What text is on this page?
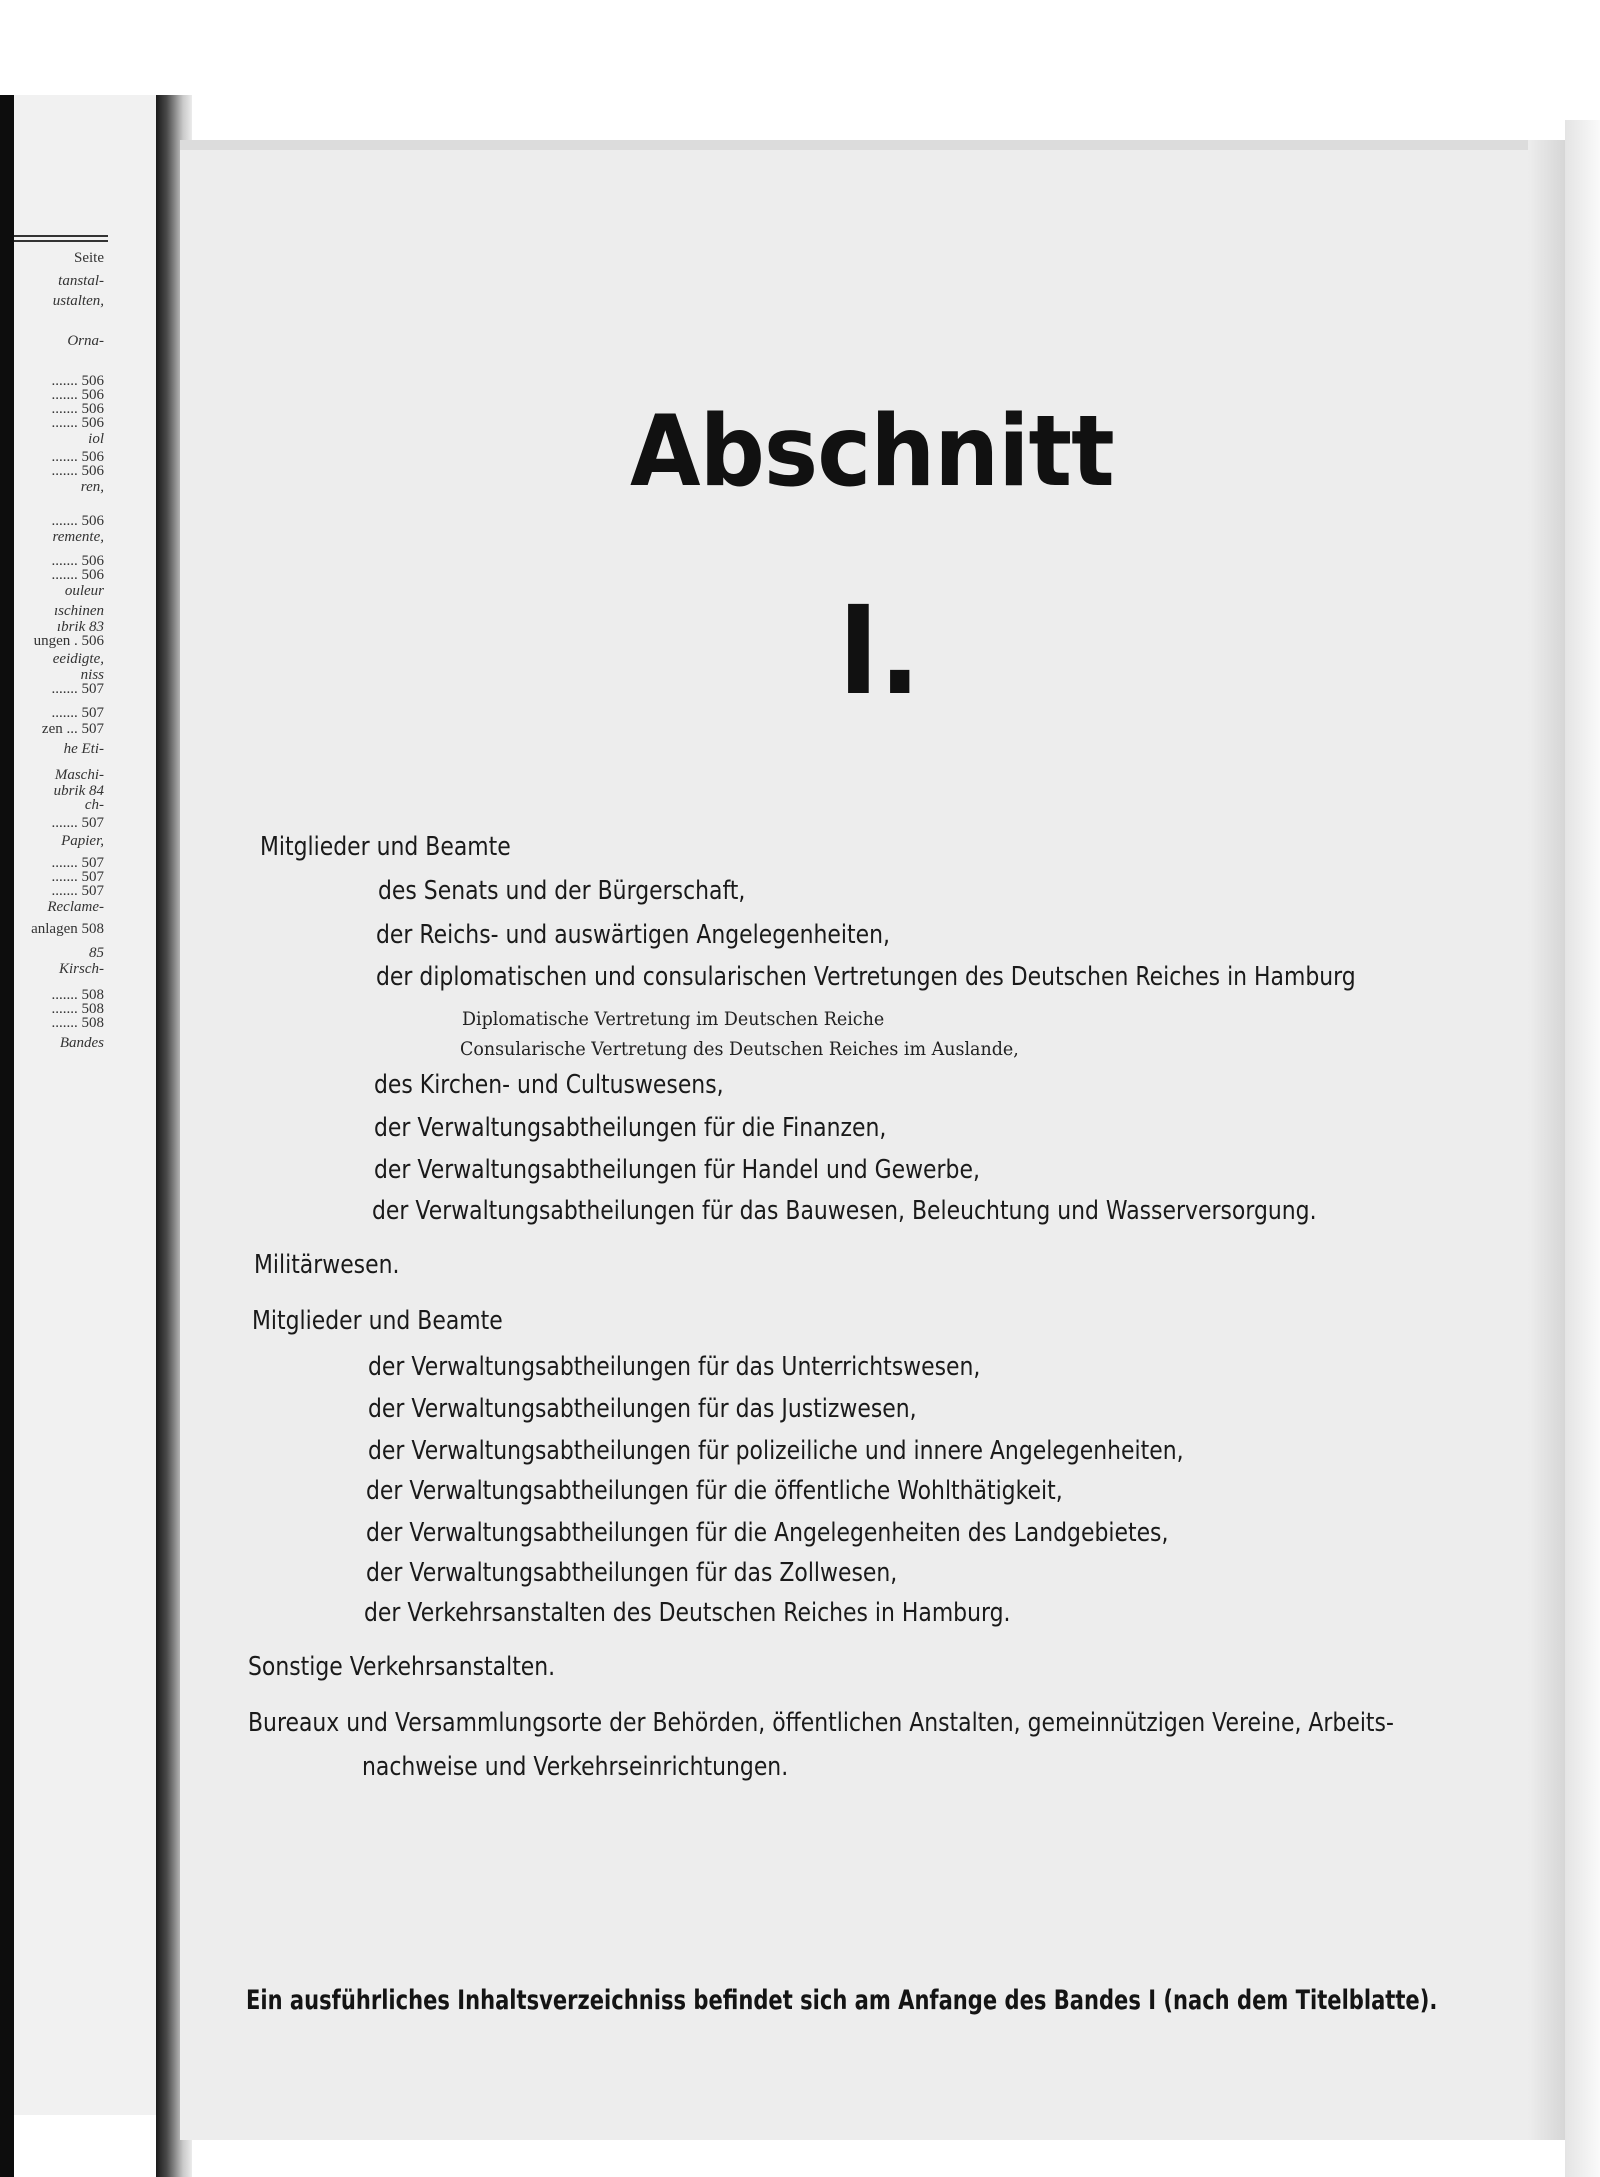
Seite
tanstal-
ustalten,
Orna-
....... 506
....... 506
....... 506
....... 506
iol
....... 506
....... 506
ren,
....... 506
remente,
....... 506
....... 506
ouleur
ıschinen
ıbrik 83
ungen . 506
eeidigte,
niss
....... 507
....... 507
zen ... 507
he Eti-
Maschi-
ubrik 84
ch-
....... 507
Papier,
....... 507
....... 507
....... 507
Reclame-
anlagen 508
85
Kirsch-
....... 508
....... 508
....... 508
Bandes
Abschnitt
I.
Mitglieder und Beamte
des Senats und der Bürgerschaft,
der Reichs- und auswärtigen Angelegenheiten,
der diplomatischen und consularischen Vertretungen des Deutschen Reiches in Hamburg
Diplomatische Vertretung im Deutschen Reiche
Consularische Vertretung des Deutschen Reiches im Auslande,
des Kirchen- und Cultuswesens,
der Verwaltungsabtheilungen für die Finanzen,
der Verwaltungsabtheilungen für Handel und Gewerbe,
der Verwaltungsabtheilungen für das Bauwesen, Beleuchtung und Wasserversorgung.
Militärwesen.
Mitglieder und Beamte
der Verwaltungsabtheilungen für das Unterrichtswesen,
der Verwaltungsabtheilungen für das Justizwesen,
der Verwaltungsabtheilungen für polizeiliche und innere Angelegenheiten,
der Verwaltungsabtheilungen für die öffentliche Wohlthätigkeit,
der Verwaltungsabtheilungen für die Angelegenheiten des Landgebietes,
der Verwaltungsabtheilungen für das Zollwesen,
der Verkehrsanstalten des Deutschen Reiches in Hamburg.
Sonstige Verkehrsanstalten.
Bureaux und Versammlungsorte der Behörden, öffentlichen Anstalten, gemeinnützigen Vereine, Arbeits-
nachweise und Verkehrseinrichtungen.
Ein ausführliches Inhaltsverzeichniss befindet sich am Anfange des Bandes I (nach dem Titelblatte).
